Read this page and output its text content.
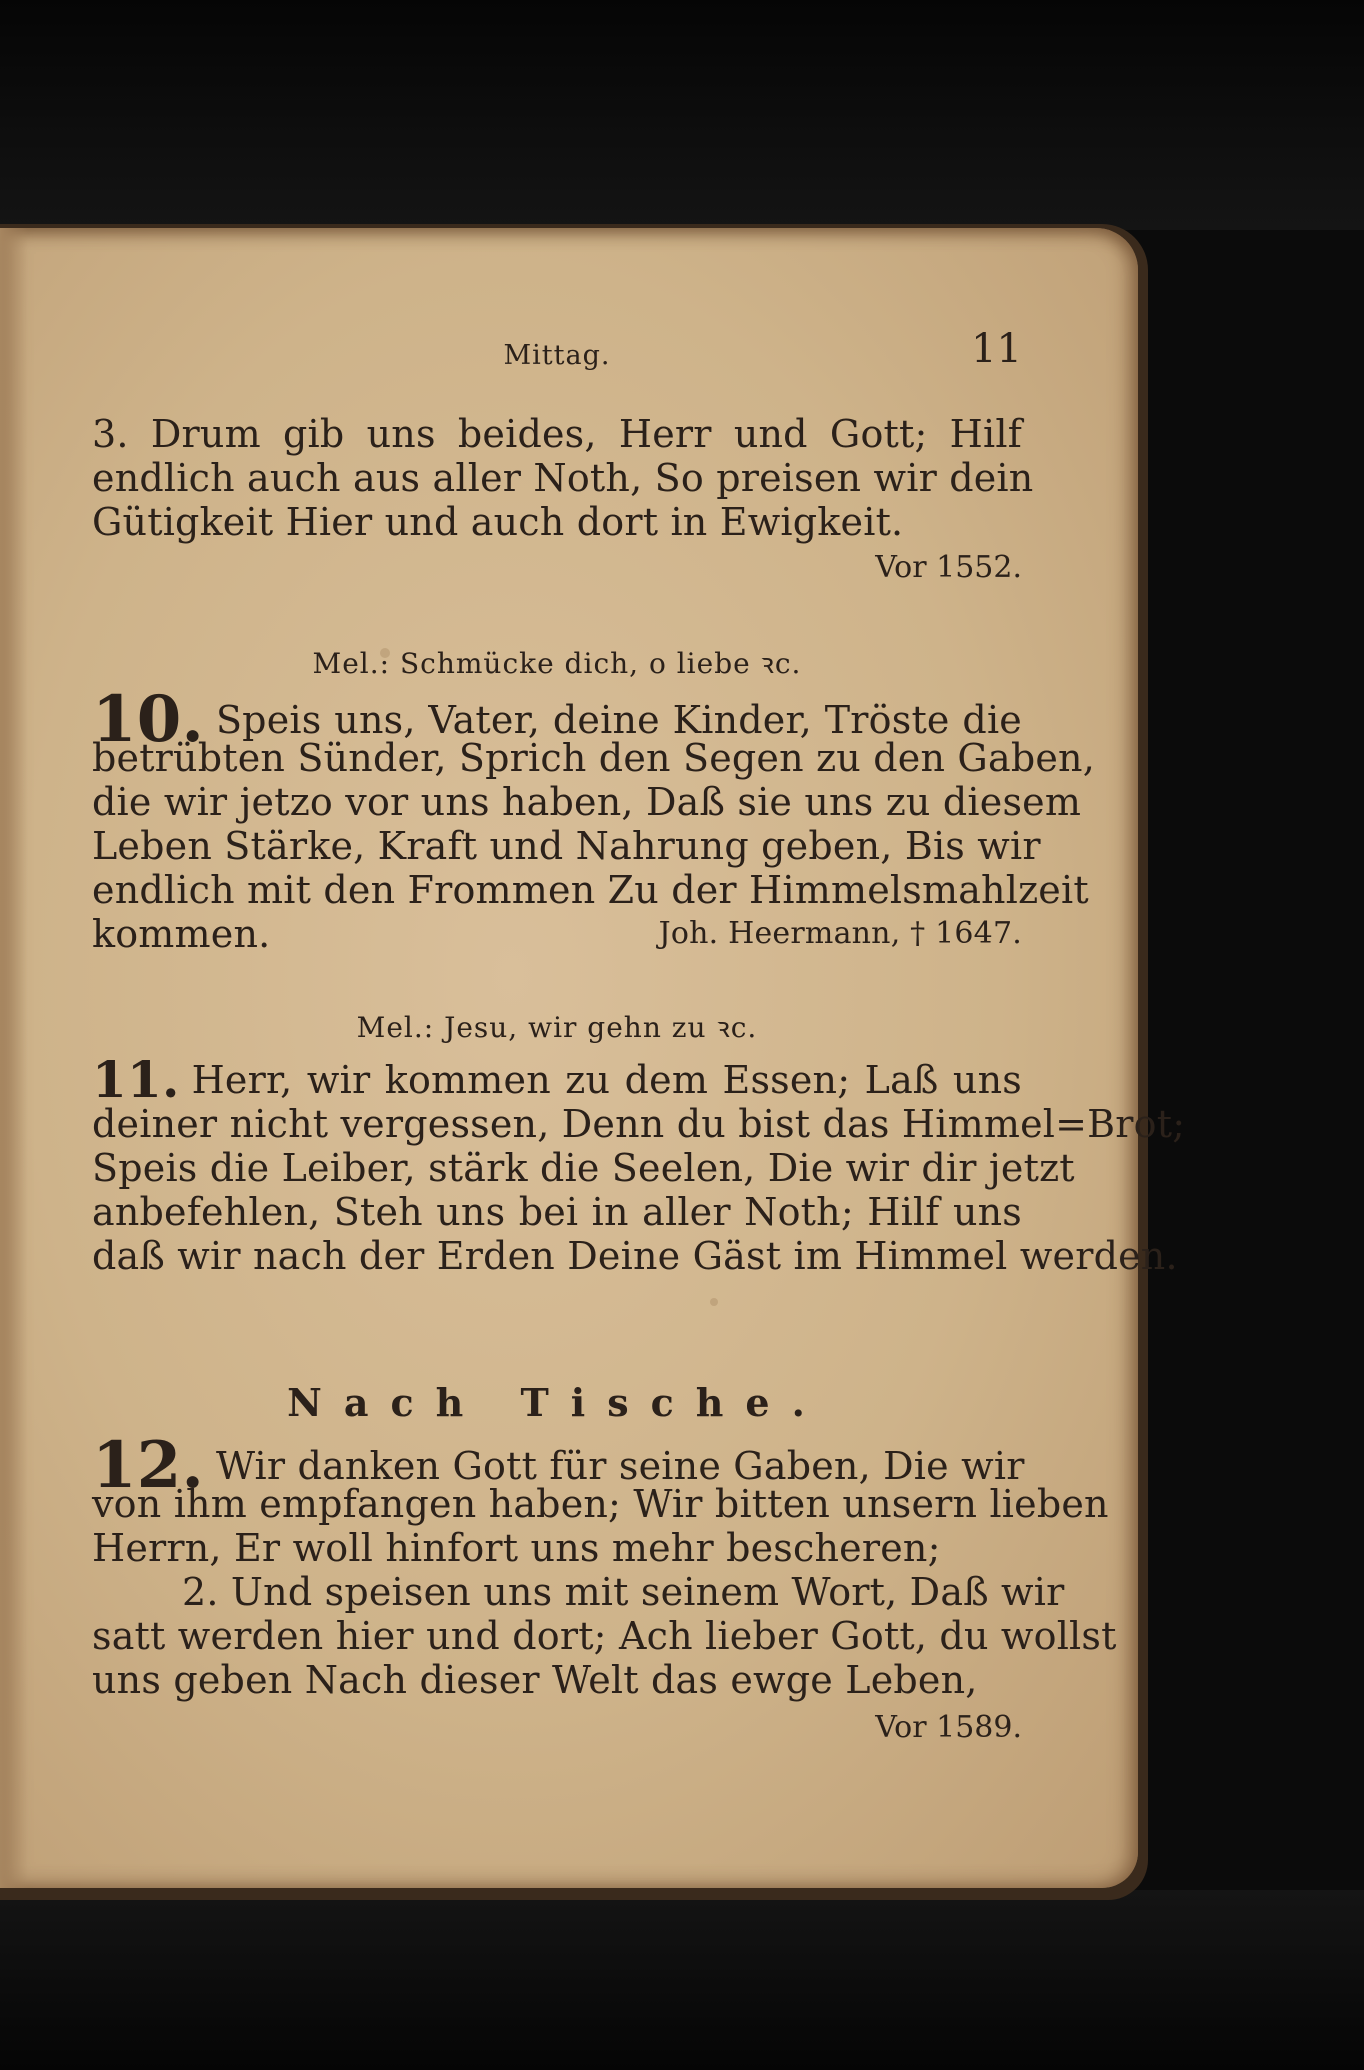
Mittag.	11
3. Drum gib uns beides, Herr und Gott; Hilf
endlich auch aus aller Noth, So preisen wir dein
Gütigkeit Hier und auch dort in Ewigkeit.
Vor 1552.
Mel.: Schmücke dich, o liebe ꝛc.
10. Speis uns, Vater, deine Kinder, Tröste die
betrübten Sünder, Sprich den Segen zu den Gaben,
die wir jetzo vor uns haben, Daß sie uns zu diesem
Leben Stärke, Kraft und Nahrung geben, Bis wir
endlich mit den Frommen Zu der Himmelsmahlzeit
kommen.	Joh. Heermann, † 1647.
Mel.: Jesu, wir gehn zu ꝛc.
11. Herr, wir kommen zu dem Essen; Laß uns
deiner nicht vergessen, Denn du bist das Himmel=Brot;
Speis die Leiber, stärk die Seelen, Die wir dir jetzt
anbefehlen, Steh uns bei in aller Noth; Hilf uns
daß wir nach der Erden Deine Gäst im Himmel werden.
Nach Tische.
12. Wir danken Gott für seine Gaben, Die wir
von ihm empfangen haben; Wir bitten unsern lieben
Herrn, Er woll hinfort uns mehr bescheren;
2. Und speisen uns mit seinem Wort, Daß wir
satt werden hier und dort; Ach lieber Gott, du wollst
uns geben Nach dieser Welt das ewge Leben,
Vor 1589.
